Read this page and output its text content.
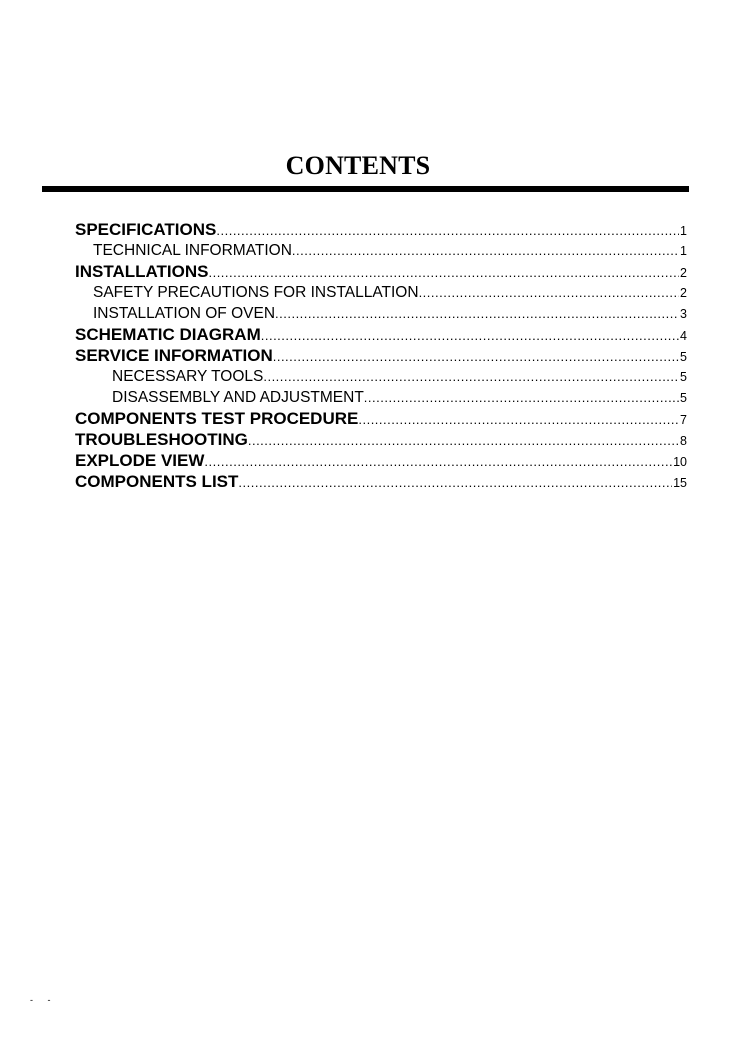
CONTENTS
SPECIFICATIONS .....	1
TECHNICAL INFORMATION .....	1
INSTALLATIONS .....	2
SAFETY PRECAUTIONS FOR INSTALLATION .....	2
INSTALLATION OF OVEN .....	3
SCHEMATIC DIAGRAM .....	4
SERVICE INFORMATION .....	5
NECESSARY TOOLS .....	5
DISASSEMBLY AND ADJUSTMENT .....	5
COMPONENTS TEST PROCEDURE .....	7
TROUBLESHOOTING .....	8
EXPLODE VIEW .....	10
COMPONENTS LIST .....	15
- -
